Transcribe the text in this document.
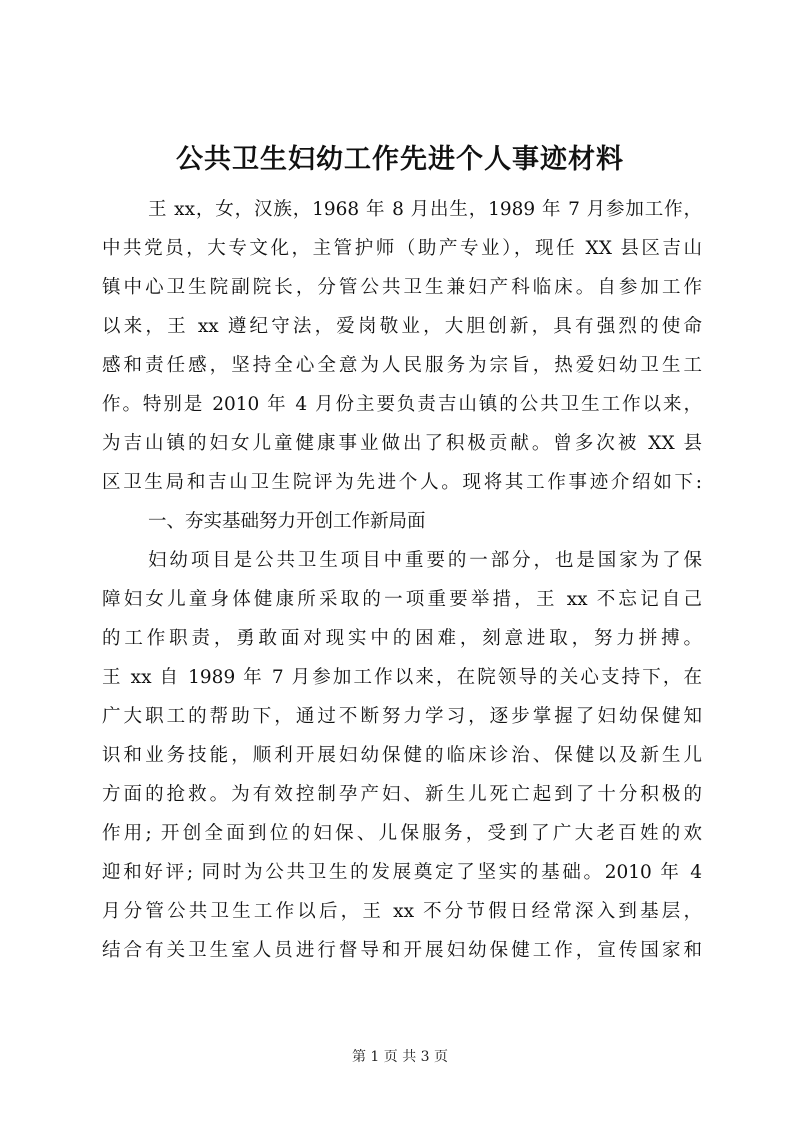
公共卫生妇幼工作先进个人事迹材料
王 xx，女，汉族，1968 年 8 月出生，1989 年 7 月参加工作，
中共党员，大专文化，主管护师（助产专业），现任 XX 县区吉山
镇中心卫生院副院长，分管公共卫生兼妇产科临床。自参加工作
以来，王 xx 遵纪守法，爱岗敬业，大胆创新，具有强烈的使命
感和责任感，坚持全心全意为人民服务为宗旨，热爱妇幼卫生工
作。特别是 2010 年 4 月份主要负责吉山镇的公共卫生工作以来，
为吉山镇的妇女儿童健康事业做出了积极贡献。曾多次被 XX 县
区卫生局和吉山卫生院评为先进个人。现将其工作事迹介绍如下:
一、夯实基础努力开创工作新局面
妇幼项目是公共卫生项目中重要的一部分，也是国家为了保
障妇女儿童身体健康所采取的一项重要举措，王 xx 不忘记自己
的工作职责，勇敢面对现实中的困难，刻意进取，努力拼搏。
王 xx 自 1989 年 7 月参加工作以来，在院领导的关心支持下，在
广大职工的帮助下，通过不断努力学习，逐步掌握了妇幼保健知
识和业务技能，顺利开展妇幼保健的临床诊治、保健以及新生儿
方面的抢救。为有效控制孕产妇、新生儿死亡起到了十分积极的
作用; 开创全面到位的妇保、儿保服务，受到了广大老百姓的欢
迎和好评; 同时为公共卫生的发展奠定了坚实的基础。2010 年 4
月分管公共卫生工作以后，王 xx 不分节假日经常深入到基层，
结合有关卫生室人员进行督导和开展妇幼保健工作，宣传国家和
第 1 页 共 3 页
